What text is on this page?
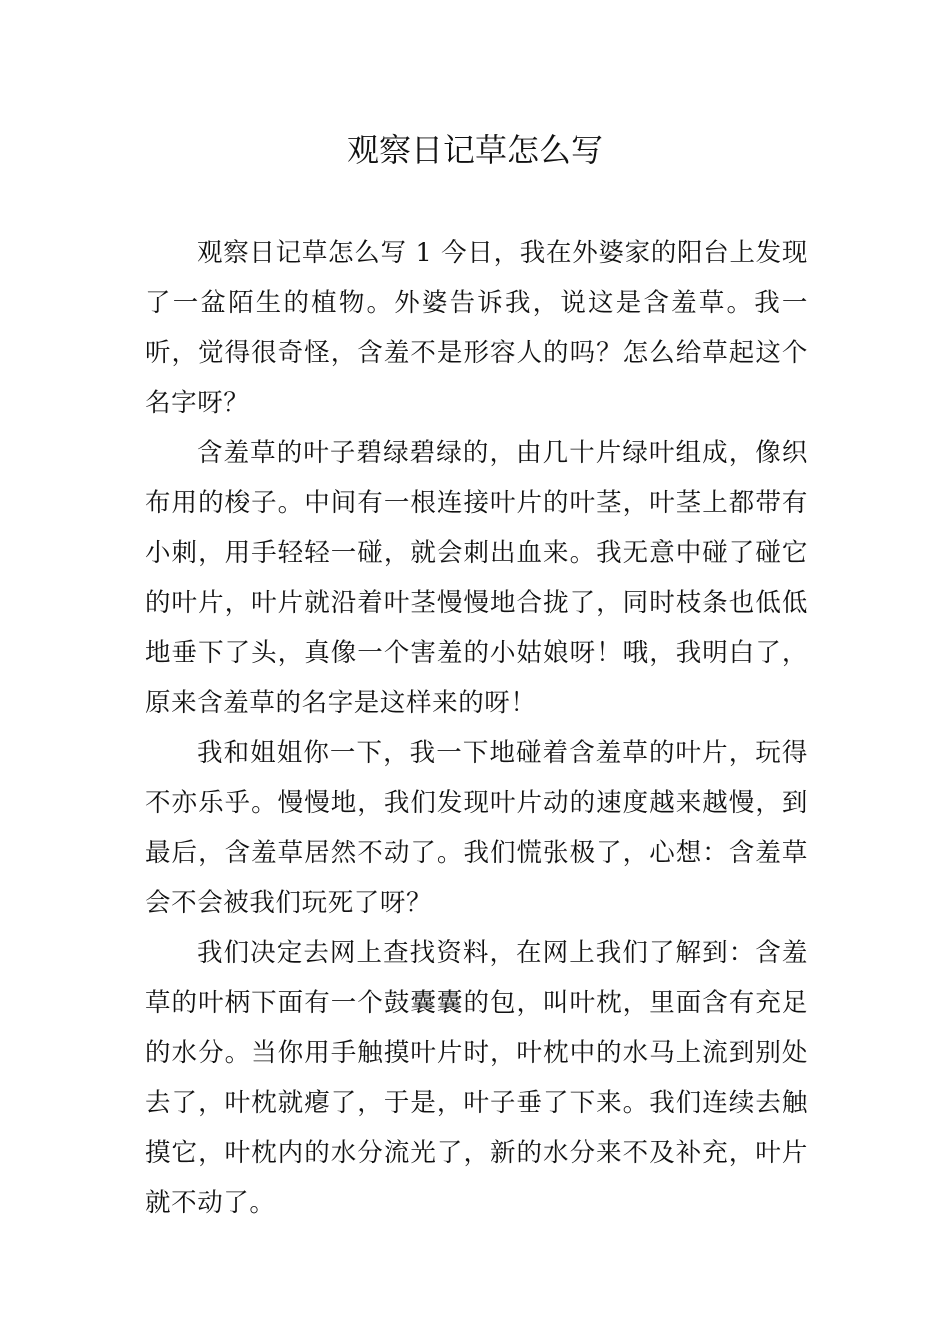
观察日记草怎么写

观察日记草怎么写 1 今日，我在外婆家的阳台上发现了一盆陌生的植物。外婆告诉我，说这是含羞草。我一听，觉得很奇怪，含羞不是形容人的吗？怎么给草起这个名字呀？

含羞草的叶子碧绿碧绿的，由几十片绿叶组成，像织布用的梭子。中间有一根连接叶片的叶茎，叶茎上都带有小刺，用手轻轻一碰，就会刺出血来。我无意中碰了碰它的叶片，叶片就沿着叶茎慢慢地合拢了，同时枝条也低低地垂下了头，真像一个害羞的小姑娘呀！哦，我明白了，原来含羞草的名字是这样来的呀！

我和姐姐你一下，我一下地碰着含羞草的叶片，玩得不亦乐乎。慢慢地，我们发现叶片动的速度越来越慢，到最后，含羞草居然不动了。我们慌张极了，心想：含羞草会不会被我们玩死了呀？

我们决定去网上查找资料，在网上我们了解到：含羞草的叶柄下面有一个鼓囊囊的包，叫叶枕，里面含有充足的水分。当你用手触摸叶片时，叶枕中的水马上流到别处去了，叶枕就瘪了，于是，叶子垂了下来。我们连续去触摸它，叶枕内的水分流光了，新的水分来不及补充，叶片就不动了。
